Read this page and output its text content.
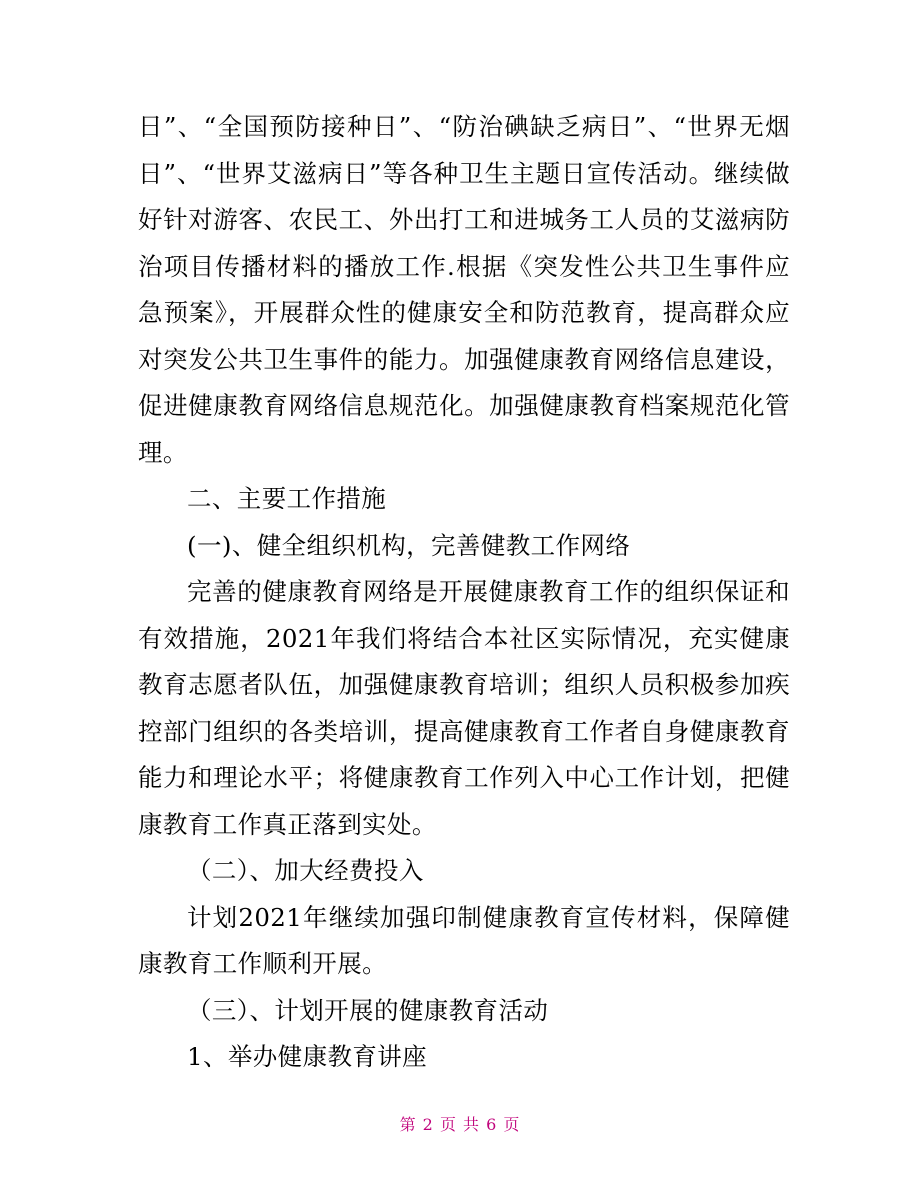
日”、“全国预防接种日”、“防治碘缺乏病日”、“世界无烟日”、“世界艾滋病日”等各种卫生主题日宣传活动。继续做好针对游客、农民工、外出打工和进城务工人员的艾滋病防治项目传播材料的播放工作.根据《突发性公共卫生事件应急预案》，开展群众性的健康安全和防范教育，提高群众应对突发公共卫生事件的能力。加强健康教育网络信息建设，促进健康教育网络信息规范化。加强健康教育档案规范化管理。

二、主要工作措施

(一)、健全组织机构，完善健教工作网络

完善的健康教育网络是开展健康教育工作的组织保证和有效措施，2021年我们将结合本社区实际情况，充实健康教育志愿者队伍，加强健康教育培训；组织人员积极参加疾控部门组织的各类培训，提高健康教育工作者自身健康教育能力和理论水平；将健康教育工作列入中心工作计划，把健康教育工作真正落到实处。

（二）、加大经费投入

计划2021年继续加强印制健康教育宣传材料，保障健康教育工作顺利开展。

（三）、计划开展的健康教育活动

1、举办健康教育讲座

第 2 页 共 6 页
